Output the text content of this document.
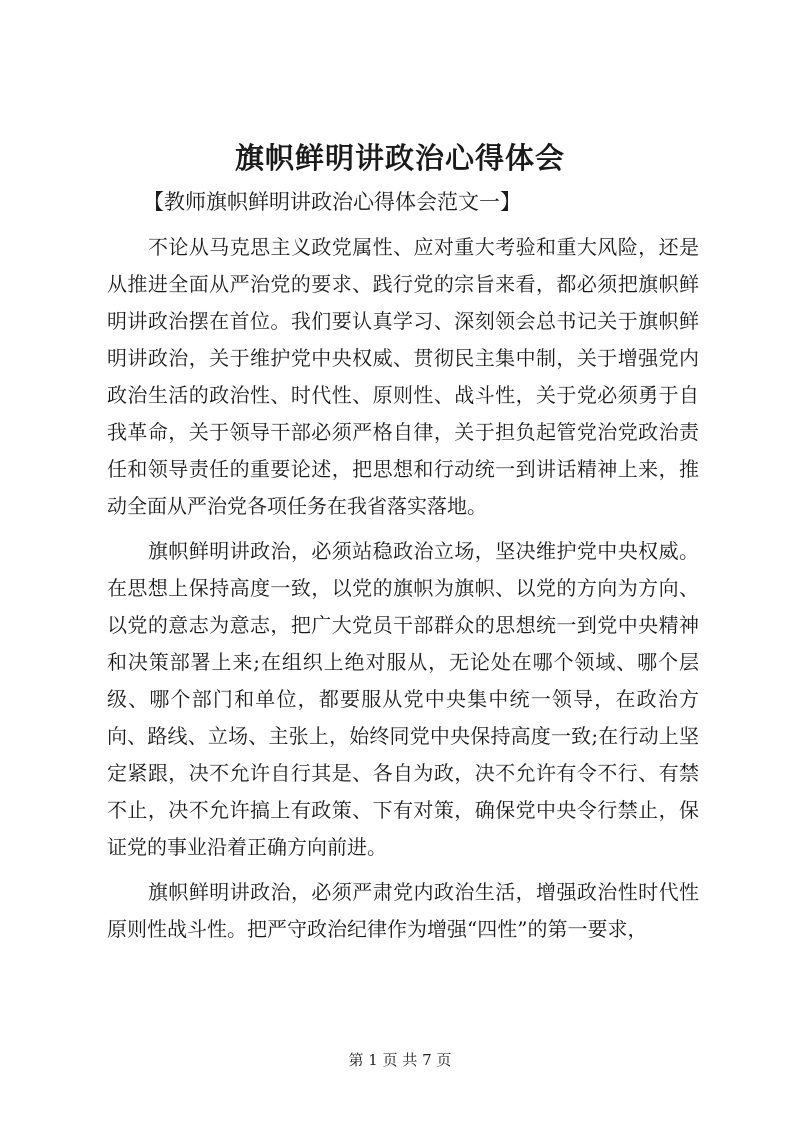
旗帜鲜明讲政治心得体会

【教师旗帜鲜明讲政治心得体会范文一】

不论从马克思主义政党属性、应对重大考验和重大风险，还是从推进全面从严治党的要求、践行党的宗旨来看，都必须把旗帜鲜明讲政治摆在首位。我们要认真学习、深刻领会总书记关于旗帜鲜明讲政治，关于维护党中央权威、贯彻民主集中制，关于增强党内政治生活的政治性、时代性、原则性、战斗性，关于党必须勇于自我革命，关于领导干部必须严格自律，关于担负起管党治党政治责任和领导责任的重要论述，把思想和行动统一到讲话精神上来，推动全面从严治党各项任务在我省落实落地。

旗帜鲜明讲政治，必须站稳政治立场，坚决维护党中央权威。在思想上保持高度一致，以党的旗帜为旗帜、以党的方向为方向、以党的意志为意志，把广大党员干部群众的思想统一到党中央精神和决策部署上来;在组织上绝对服从，无论处在哪个领域、哪个层级、哪个部门和单位，都要服从党中央集中统一领导，在政治方向、路线、立场、主张上，始终同党中央保持高度一致;在行动上坚定紧跟，决不允许自行其是、各自为政，决不允许有令不行、有禁不止，决不允许搞上有政策、下有对策，确保党中央令行禁止，保证党的事业沿着正确方向前进。

旗帜鲜明讲政治，必须严肃党内政治生活，增强政治性时代性原则性战斗性。把严守政治纪律作为增强“四性”的第一要求，

第 1 页 共 7 页
